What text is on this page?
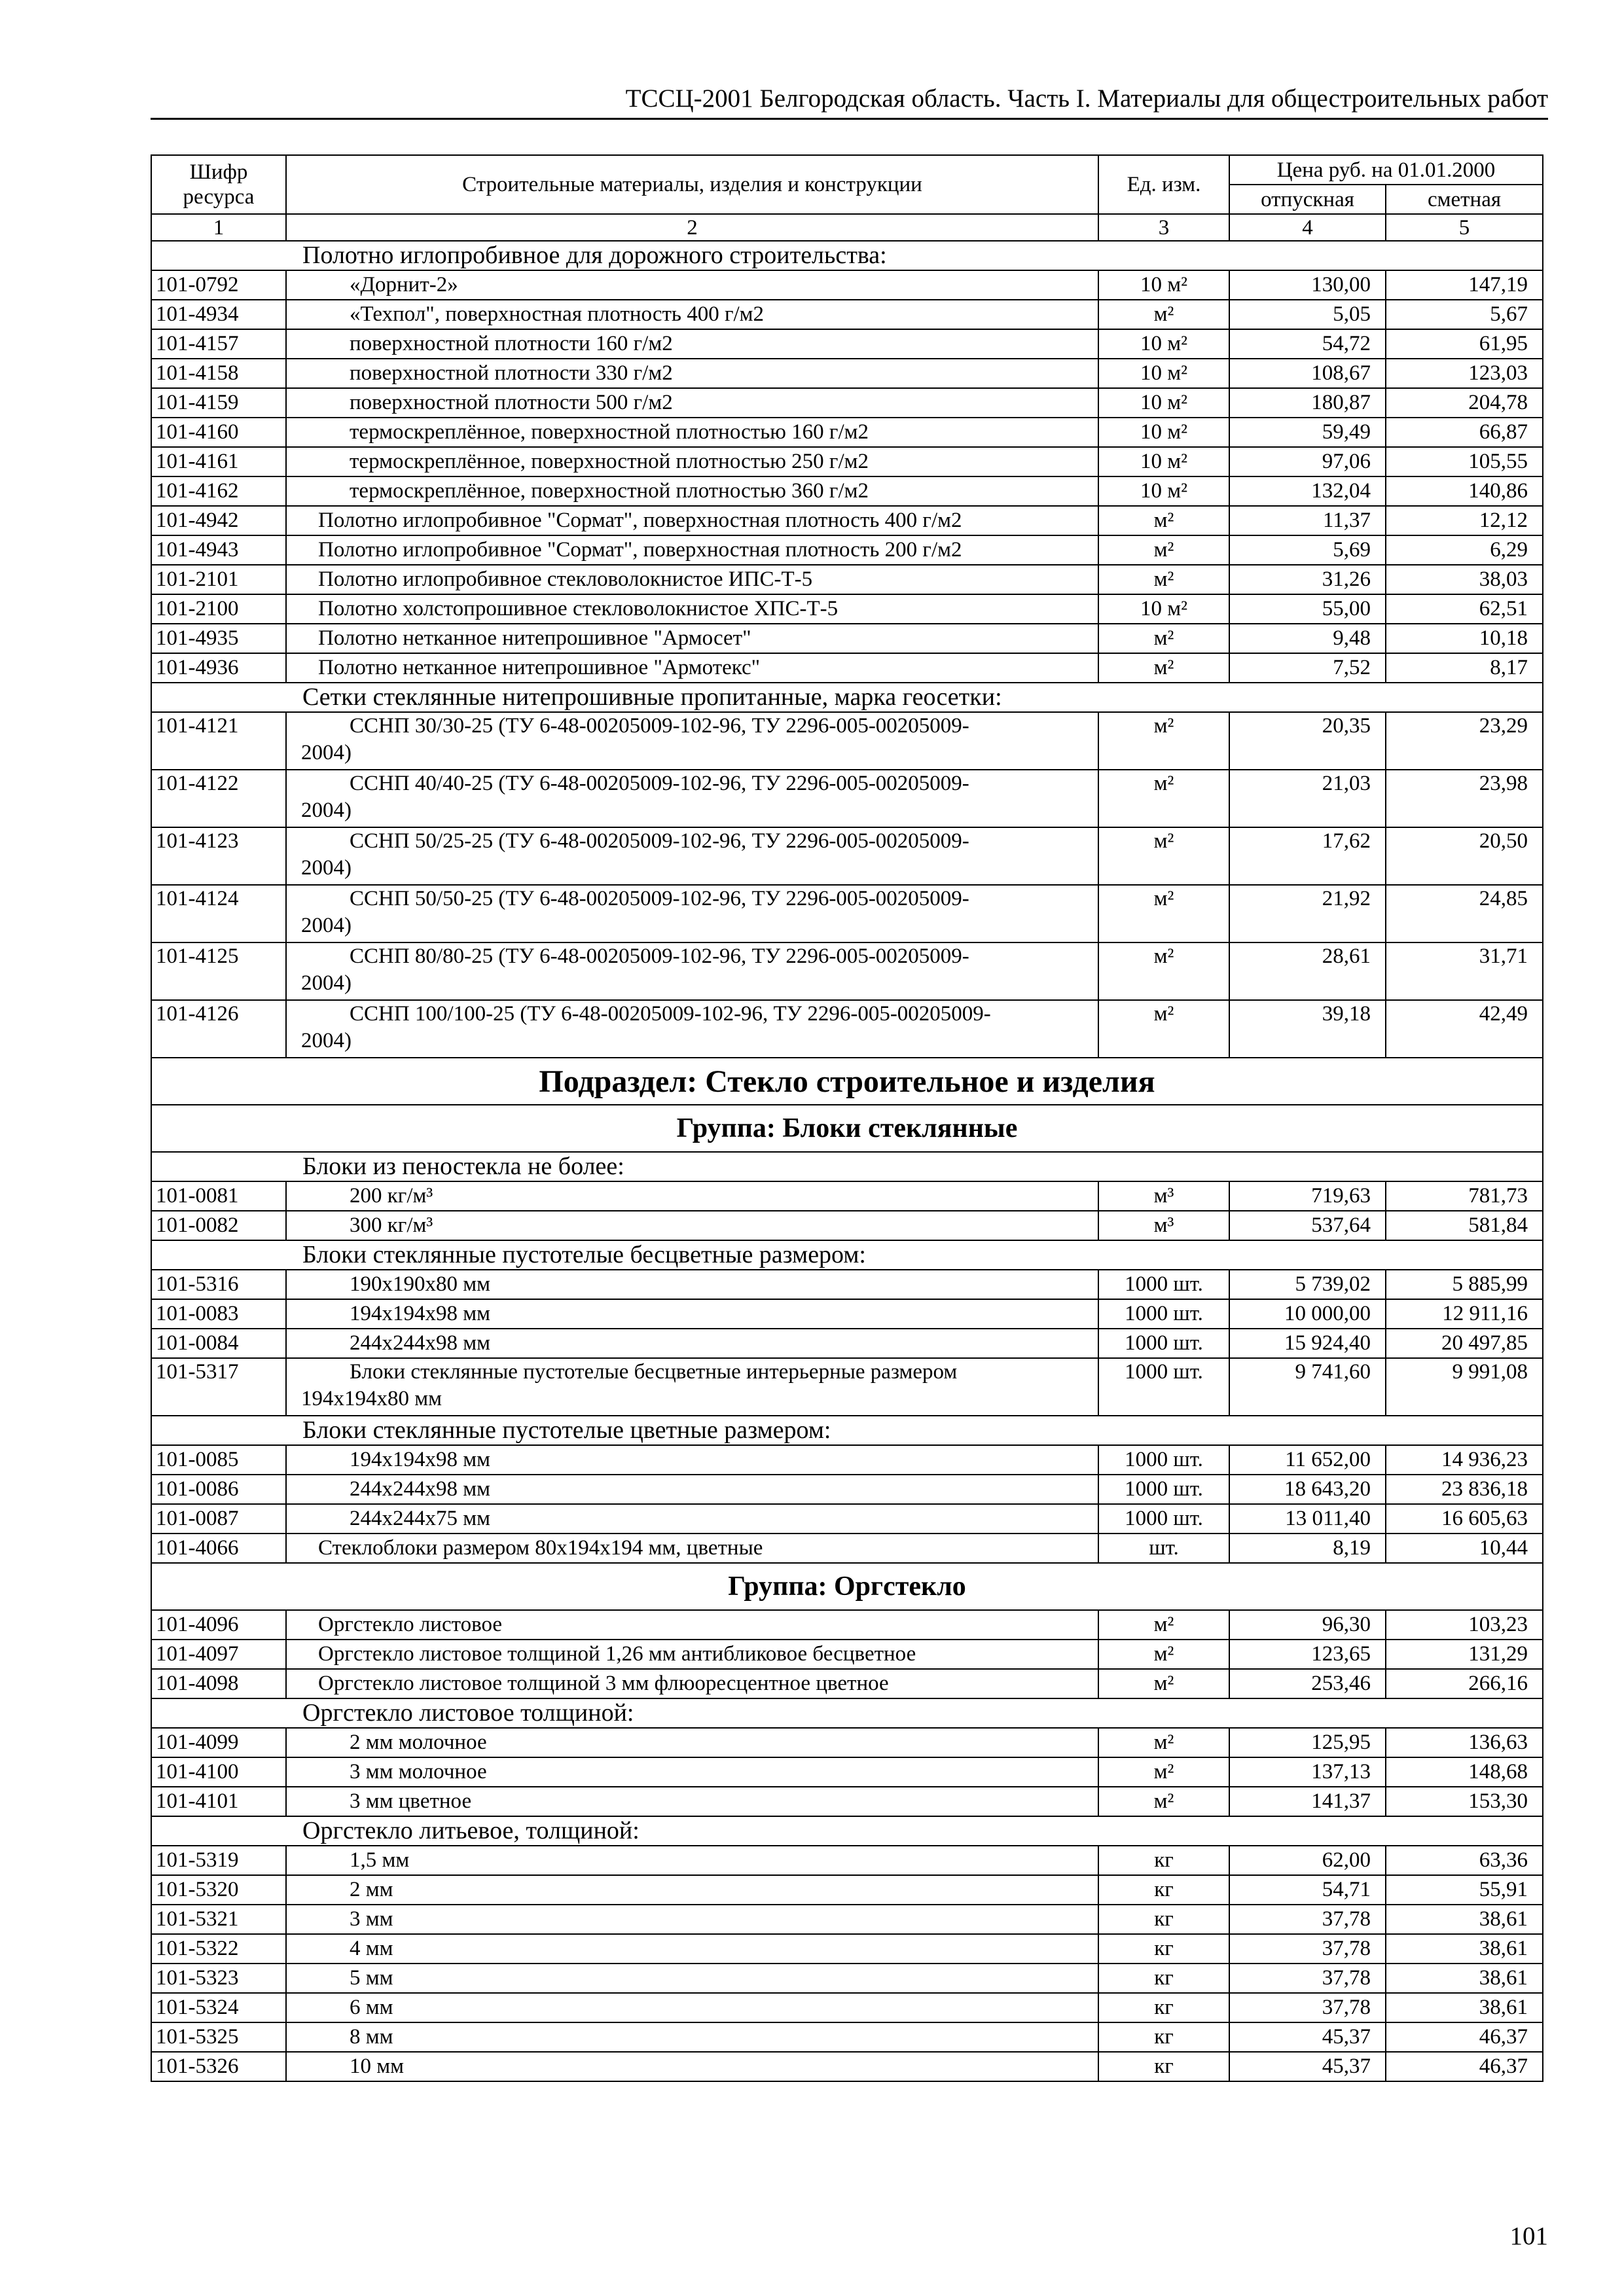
ТССЦ-2001 Белгородская область. Часть I. Материалы для общестроительных работ
Шифр ресурса	Строительные материалы, изделия и конструкции	Ед. изм.	Цена руб. на 01.01.2000	
			отпускная	сметная
1	2	3	4	5
Полотно иглопробивное для дорожного строительства:				
101-0792	«Дорнит-2»	10 м²	130,00	147,19
101-4934	«Техпол", поверхностная плотность 400 г/м2	м²	5,05	5,67
101-4157	поверхностной плотности 160 г/м2	10 м²	54,72	61,95
101-4158	поверхностной плотности 330 г/м2	10 м²	108,67	123,03
101-4159	поверхностной плотности 500 г/м2	10 м²	180,87	204,78
101-4160	термоскреплённое, поверхностной плотностью 160 г/м2	10 м²	59,49	66,87
101-4161	термоскреплённое, поверхностной плотностью 250 г/м2	10 м²	97,06	105,55
101-4162	термоскреплённое, поверхностной плотностью 360 г/м2	10 м²	132,04	140,86
101-4942	Полотно иглопробивное "Сормат", поверхностная плотность 400 г/м2	м²	11,37	12,12
101-4943	Полотно иглопробивное "Сормат", поверхностная плотность 200 г/м2	м²	5,69	6,29
101-2101	Полотно иглопробивное стекловолокнистое ИПС-Т-5	м²	31,26	38,03
101-2100	Полотно холстопрошивное стекловолокнистое ХПС-Т-5	10 м²	55,00	62,51
101-4935	Полотно нетканное нитепрошивное "Армосет"	м²	9,48	10,18
101-4936	Полотно нетканное нитепрошивное "Армотекс"	м²	7,52	8,17
Сетки стеклянные нитепрошивные пропитанные, марка геосетки:				
101-4121	ССНП 30/30-25 (ТУ 6-48-00205009-102-96, ТУ 2296-005-00205009-
2004)	м²	20,35	23,29
101-4122	ССНП 40/40-25 (ТУ 6-48-00205009-102-96, ТУ 2296-005-00205009-
2004)	м²	21,03	23,98
101-4123	ССНП 50/25-25 (ТУ 6-48-00205009-102-96, ТУ 2296-005-00205009-
2004)	м²	17,62	20,50
101-4124	ССНП 50/50-25 (ТУ 6-48-00205009-102-96, ТУ 2296-005-00205009-
2004)	м²	21,92	24,85
101-4125	ССНП 80/80-25 (ТУ 6-48-00205009-102-96, ТУ 2296-005-00205009-
2004)	м²	28,61	31,71
101-4126	ССНП 100/100-25 (ТУ 6-48-00205009-102-96, ТУ 2296-005-00205009-
2004)	м²	39,18	42,49
Подраздел: Стекло строительное и изделия				
Группа: Блоки стеклянные				
Блоки из пеностекла не более:				
101-0081	200 кг/м³	м³	719,63	781,73
101-0082	300 кг/м³	м³	537,64	581,84
Блоки стеклянные пустотелые бесцветные размером:				
101-5316	190х190х80 мм	1000 шт.	5 739,02	5 885,99
101-0083	194х194х98 мм	1000 шт.	10 000,00	12 911,16
101-0084	244х244х98 мм	1000 шт.	15 924,40	20 497,85
101-5317	Блоки стеклянные пустотелые бесцветные интерьерные размером
194х194х80 мм	1000 шт.	9 741,60	9 991,08
Блоки стеклянные пустотелые цветные размером:				
101-0085	194х194х98 мм	1000 шт.	11 652,00	14 936,23
101-0086	244х244х98 мм	1000 шт.	18 643,20	23 836,18
101-0087	244х244х75 мм	1000 шт.	13 011,40	16 605,63
101-4066	Стеклоблоки размером 80х194х194 мм, цветные	шт.	8,19	10,44
Группа: Оргстекло				
101-4096	Оргстекло листовое	м²	96,30	103,23
101-4097	Оргстекло листовое толщиной 1,26 мм антибликовое бесцветное	м²	123,65	131,29
101-4098	Оргстекло листовое толщиной 3 мм флюоресцентное цветное	м²	253,46	266,16
Оргстекло листовое толщиной:				
101-4099	2 мм молочное	м²	125,95	136,63
101-4100	3 мм молочное	м²	137,13	148,68
101-4101	3 мм цветное	м²	141,37	153,30
Оргстекло литьевое, толщиной:				
101-5319	1,5 мм	кг	62,00	63,36
101-5320	2 мм	кг	54,71	55,91
101-5321	3 мм	кг	37,78	38,61
101-5322	4 мм	кг	37,78	38,61
101-5323	5 мм	кг	37,78	38,61
101-5324	6 мм	кг	37,78	38,61
101-5325	8 мм	кг	45,37	46,37
101-5326	10 мм	кг	45,37	46,37
101
